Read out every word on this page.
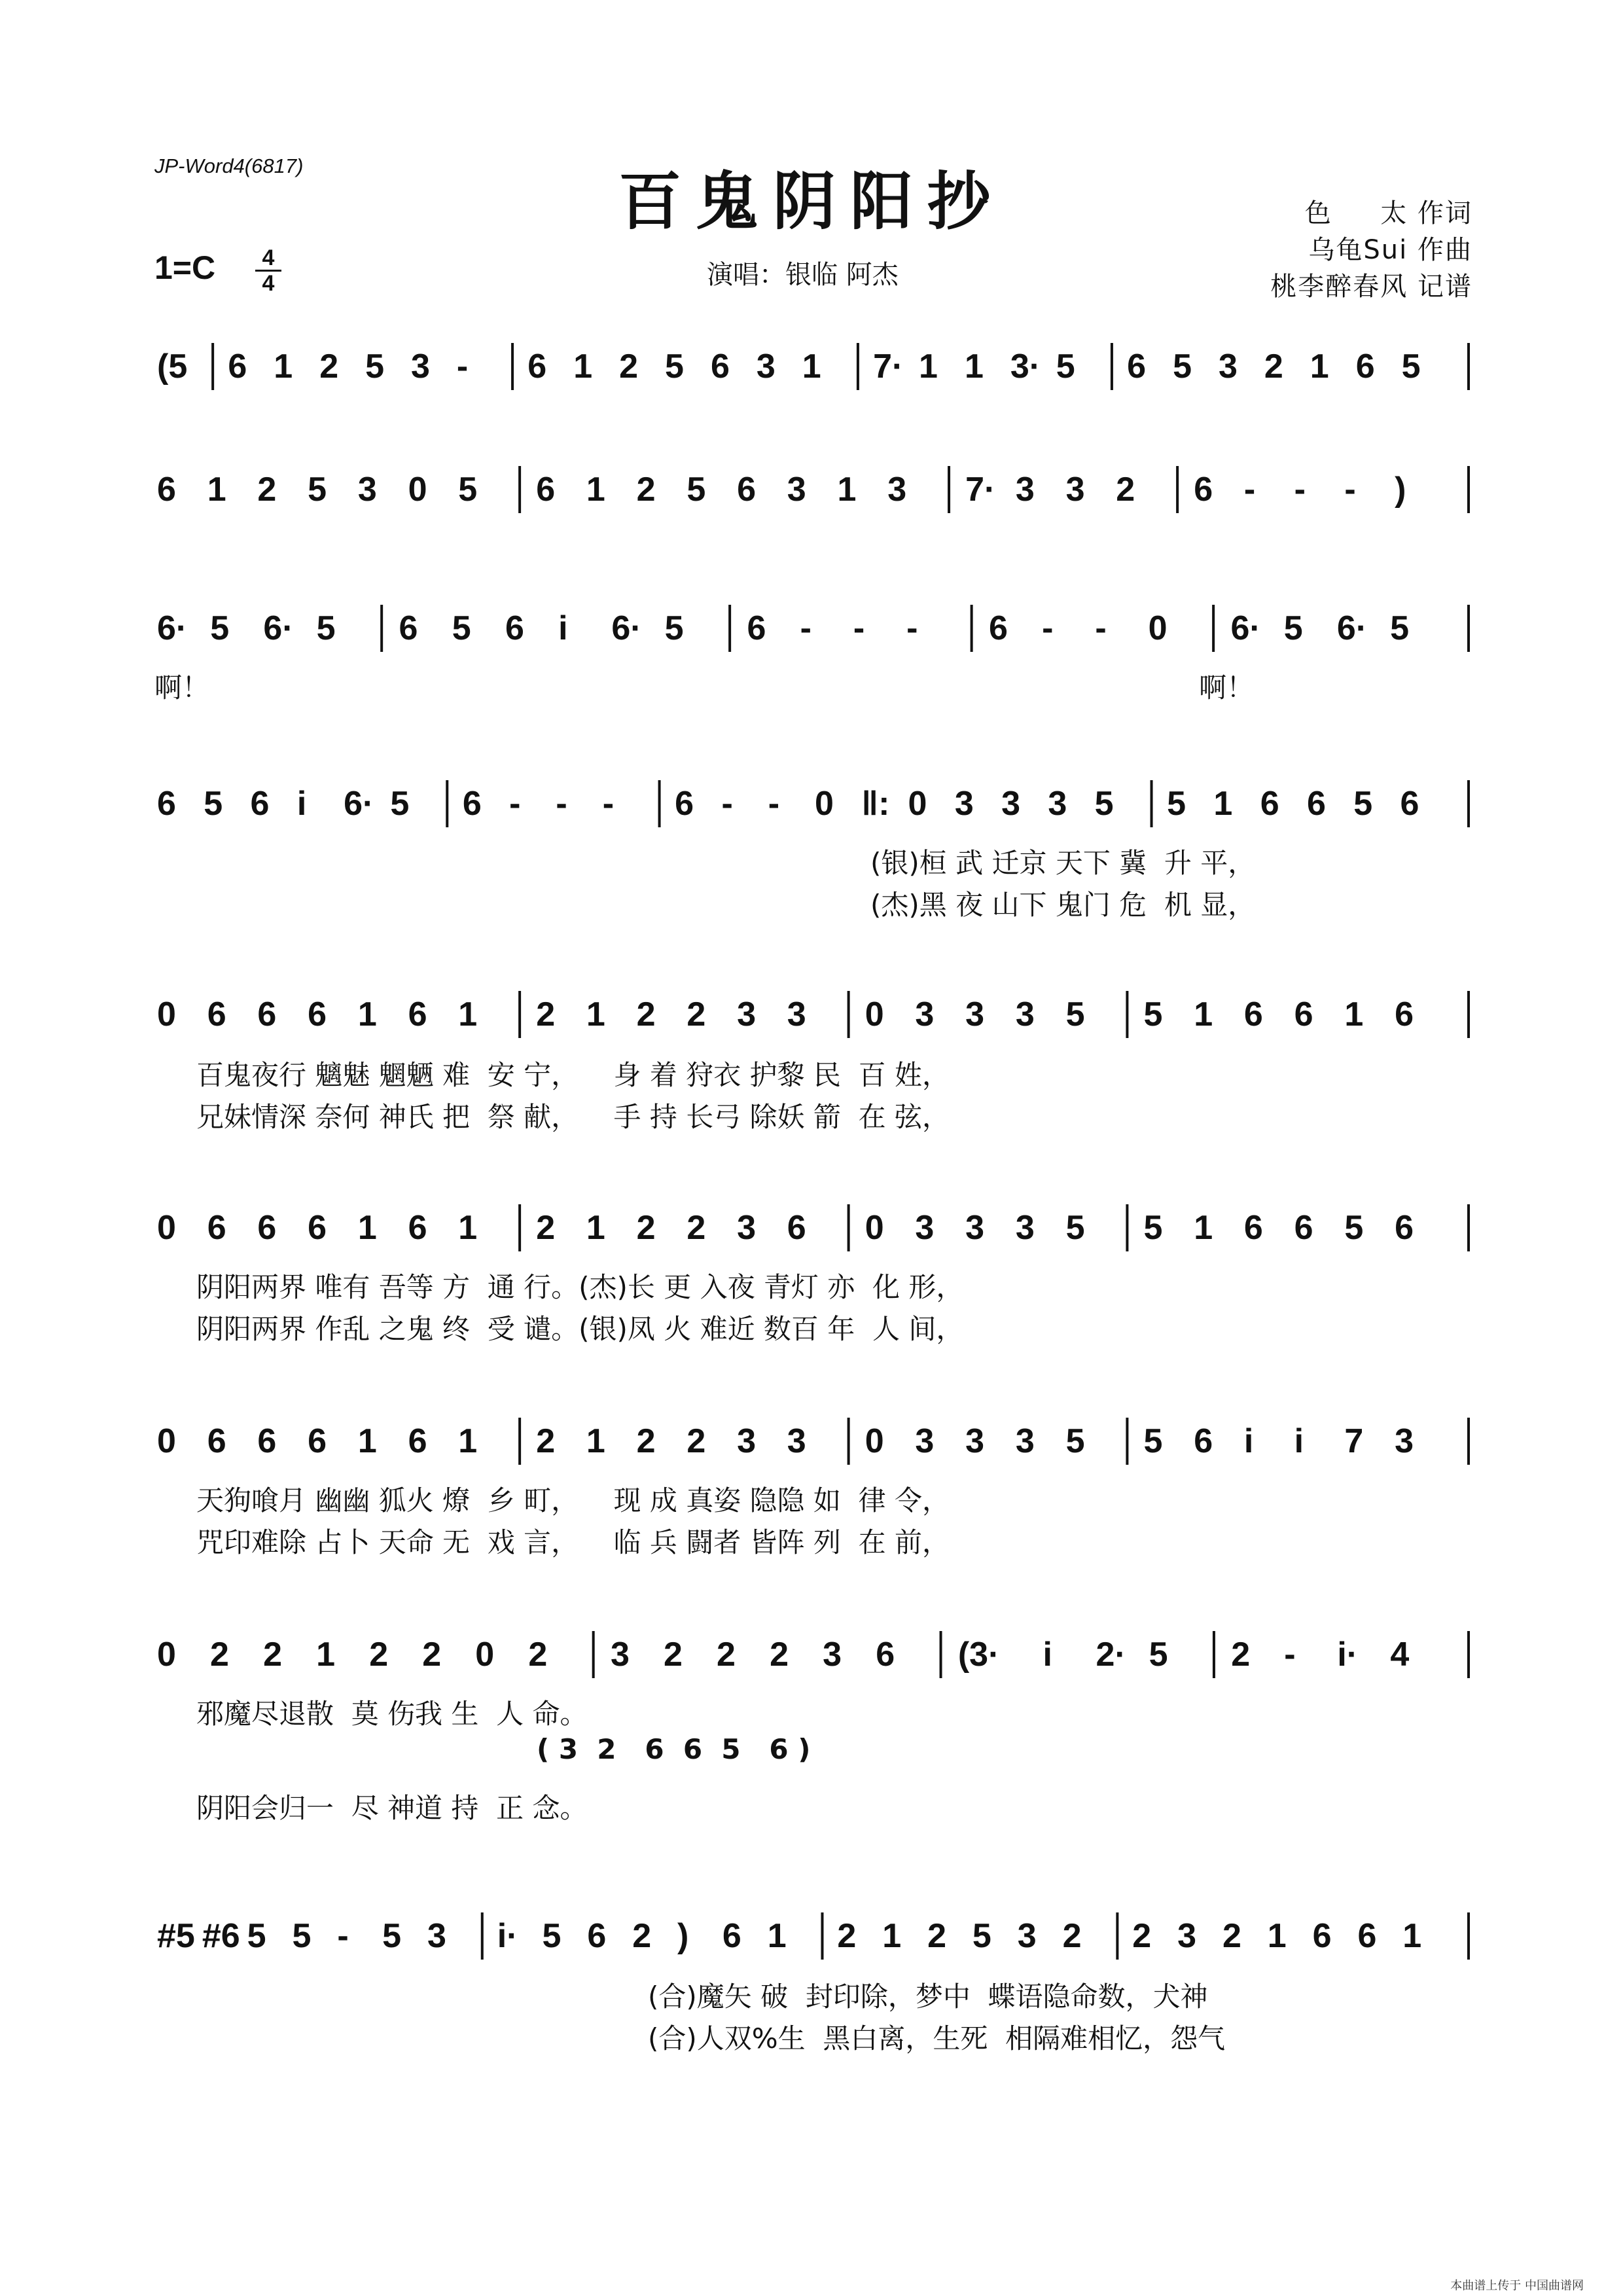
JP-Word4(6817)	百鬼阴阳抄
1=C	4
4	演唱：银临 阿杰
色     太 作词
乌龟Sui 作曲
桃李醉春风 记谱
(5 6 1 2 5 3 - 6 1 2 5 6 3 1 7· 1 1 3· 5 6 5 3 2 1 6 5
6 1 2 5 3 0 5 6 1 2 5 6 3 1 3 7· 3 3 2 6 - - - )
6· 5 6· 5 6 5 6 i 6· 5 6 - - - 6 - - 0 6· 5 6· 5

啊！

	啊！

6 5 6 i 6· 5 6 - - - 6 - - 0 ‖: 0 3 3 3 5 5 1 6 6 5 6
(银)桓 武 迁京 天下 冀  升 平，
(杰)黑 夜 山下 鬼门 危  机 显，
0 6 6 6 1 6 1 2 1 2 2 3 3 0 3 3 3 5 5 1 6 6 1 6
百鬼夜行 魑魅 魍魉 难  安 宁，    身 着 狩衣 护黎 民  百 姓，
兄妹情深 奈何 神氏 把  祭 献，    手 持 长弓 除妖 箭  在 弦，
0 6 6 6 1 6 1 2 1 2 2 3 6 0 3 3 3 5 5 1 6 6 5 6
阴阳两界 唯有 吾等 方  通 行。(杰)长 更 入夜 青灯 亦  化 形，
阴阳两界 作乱 之鬼 终  受 谴。(银)凤 火 难近 数百 年  人 间，
0 6 6 6 1 6 1 2 1 2 2 3 3 0 3 3 3 5 5 6 i i 7 3
天狗喰月 幽幽 狐火 燎  乡 町，    现 成 真姿 隐隐 如  律 令，
咒印难除 占卜 天命 无  戏 言，    临 兵 闘者 皆阵 列  在 前，
0 2 2 1 2 2 0 2 3 2 2 2 3 6 (3· i 2· 5 2 - i· 4
邪魔尽退散  莫 伤我 生  人 命。
( 3  2   6  6  5   6 )
阴阳会归一  尽 神道 持  正 念。
#5 #6 5 5 - 5 3 i· 5 6 2 ) 6 1 2 1 2 5 3 2 2 3 2 1 6 6 1
(合)魔矢 破  封印除，梦中  蝶语隐命数，犬神
(合)人双%生  黑白离，生死  相隔难相忆，怨气
本曲谱上传于 中国曲谱网
